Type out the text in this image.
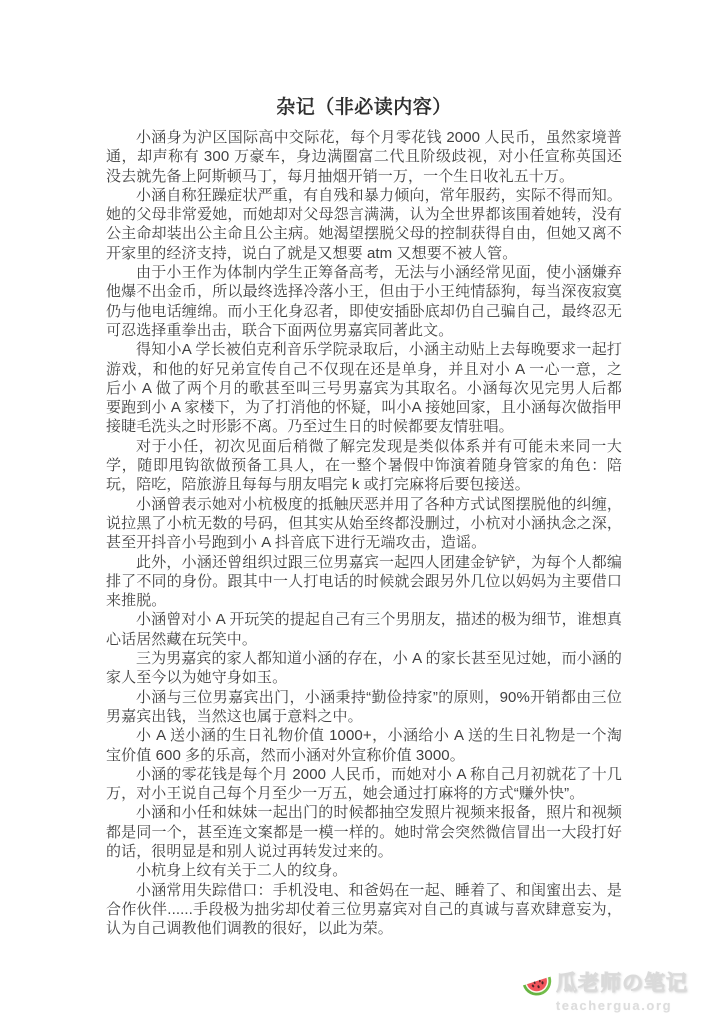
杂记（非必读内容）

小涵身为沪区国际高中交际花，每个月零花钱 2000 人民币，虽然家境普通，却声称有 300 万豪车，身边满圈富二代且阶级歧视，对小任宣称英国还没去就先备上阿斯顿马丁，每月抽烟开销一万，一个生日收礼五十万。

小涵自称狂躁症状严重，有自残和暴力倾向，常年服药，实际不得而知。她的父母非常爱她，而她却对父母怨言满满，认为全世界都该围着她转，没有公主命却装出公主命且公主病。她渴望摆脱父母的控制获得自由，但她又离不开家里的经济支持，说白了就是又想要 atm 又想要不被人管。

由于小王作为体制内学生正筹备高考，无法与小涵经常见面，使小涵嫌弃他爆不出金币，所以最终选择冷落小王，但由于小王纯情舔狗，每当深夜寂寞仍与他电话缠绵。而小王化身忍者，即使安插卧底却仍自己骗自己，最终忍无可忍选择重拳出击，联合下面两位男嘉宾同著此文。

得知小A 学长被伯克利音乐学院录取后，小涵主动贴上去每晚要求一起打游戏，和他的好兄弟宣传自己不仅现在还是单身，并且对小 A 一心一意，之后小 A 做了两个月的歌甚至叫三号男嘉宾为其取名。小涵每次见完男人后都要跑到小 A 家楼下，为了打消他的怀疑，叫小A 接她回家，且小涵每次做指甲接睫毛洗头之时形影不离。乃至过生日的时候都要友情驻唱。

对于小任，初次见面后稍微了解完发现是类似体系并有可能未来同一大学，随即甩钩欲做预备工具人，在一整个暑假中饰演着随身管家的角色：陪玩，陪吃，陪旅游且每每与朋友唱完 k 或打完麻将后要包接送。

小涵曾表示她对小杭极度的抵触厌恶并用了各种方式试图摆脱他的纠缠，说拉黑了小杭无数的号码，但其实从始至终都没删过，小杭对小涵执念之深，甚至开抖音小号跑到小 A 抖音底下进行无端攻击，造谣。

此外，小涵还曾组织过跟三位男嘉宾一起四人团建金铲铲，为每个人都编排了不同的身份。跟其中一人打电话的时候就会跟另外几位以妈妈为主要借口来推脱。

小涵曾对小 A 开玩笑的提起自己有三个男朋友，描述的极为细节，谁想真心话居然藏在玩笑中。

三为男嘉宾的家人都知道小涵的存在，小 A 的家长甚至见过她，而小涵的家人至今以为她守身如玉。

小涵与三位男嘉宾出门，小涵秉持“勤俭持家”的原则，90%开销都由三位男嘉宾出钱，当然这也属于意料之中。

小 A 送小涵的生日礼物价值 1000+，小涵给小 A 送的生日礼物是一个淘宝价值 600 多的乐高，然而小涵对外宣称价值 3000。

小涵的零花钱是每个月 2000 人民币，而她对小 A 称自己月初就花了十几万，对小王说自己每个月至少一万五，她会通过打麻将的方式“赚外快”。

小涵和小任和妹妹一起出门的时候都抽空发照片视频来报备，照片和视频都是同一个，甚至连文案都是一模一样的。她时常会突然微信冒出一大段打好的话，很明显是和别人说过再转发过来的。

小杭身上纹有关于二人的纹身。

小涵常用失踪借口：手机没电、和爸妈在一起、睡着了、和闺蜜出去、是合作伙伴......手段极为拙劣却仗着三位男嘉宾对自己的真诚与喜欢肆意妄为，认为自己调教他们调教的很好，以此为荣。

瓜老师の笔记
teachergua.org
